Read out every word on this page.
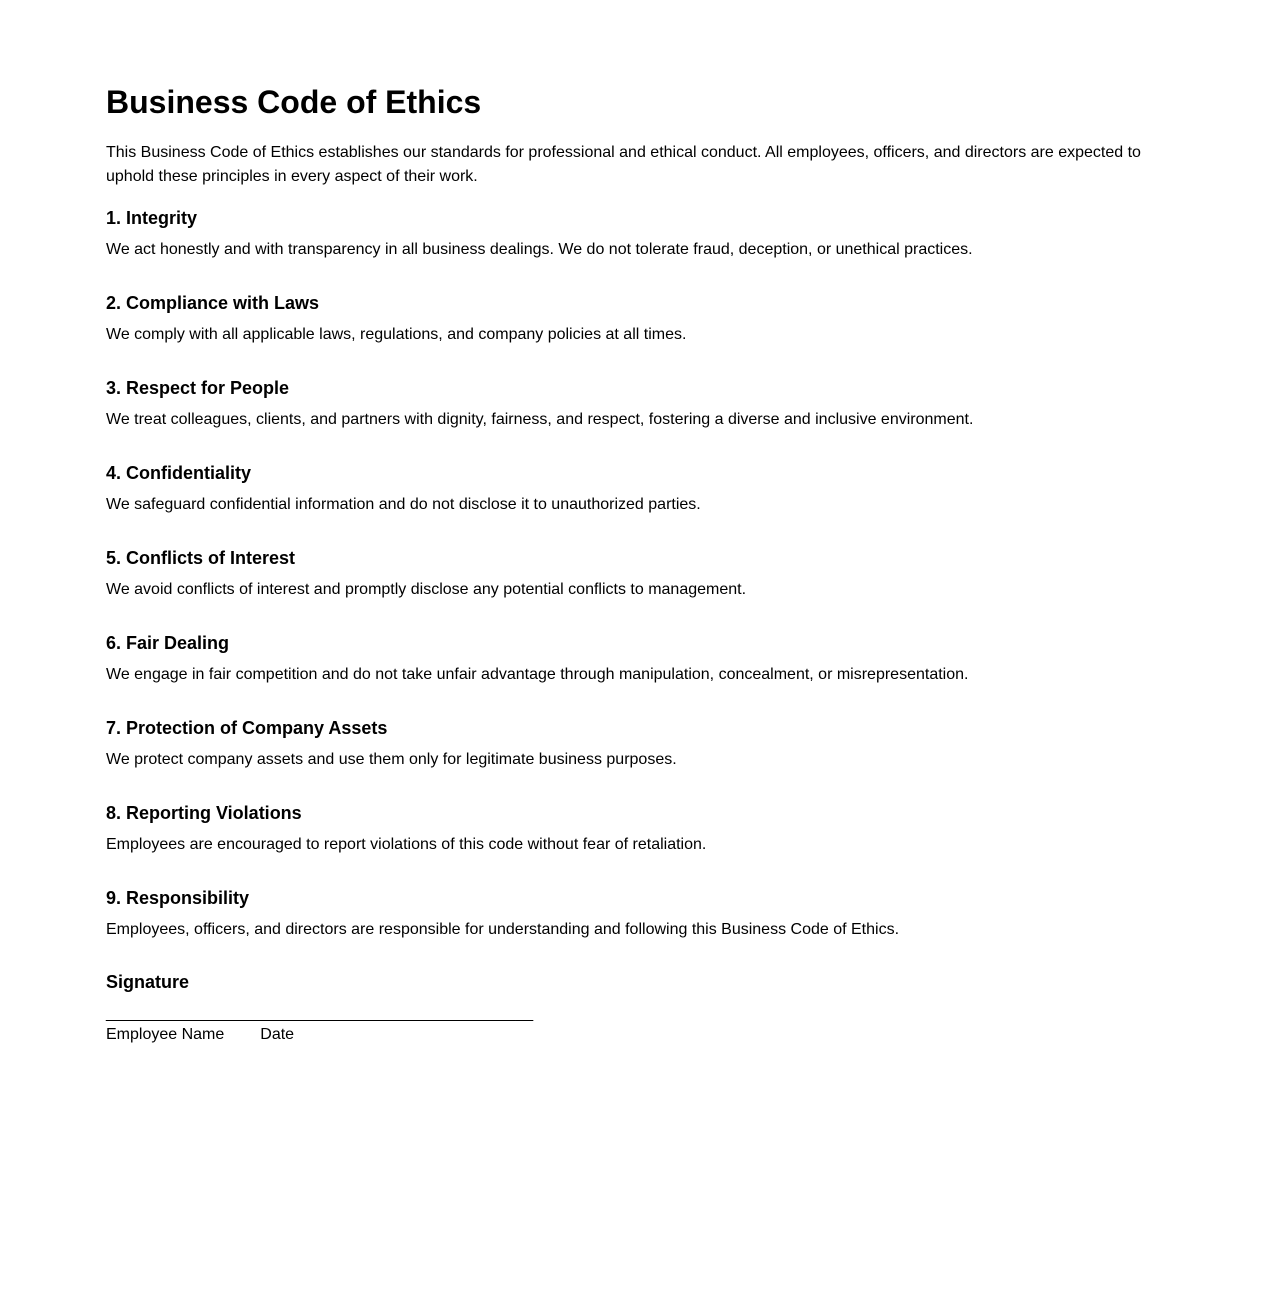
Business Code of Ethics

This Business Code of Ethics establishes our standards for professional and ethical conduct. All employees, officers, and directors are expected to uphold these principles in every aspect of their work.

1. Integrity

We act honestly and with transparency in all business dealings. We do not tolerate fraud, deception, or unethical practices.

2. Compliance with Laws

We comply with all applicable laws, regulations, and company policies at all times.

3. Respect for People

We treat colleagues, clients, and partners with dignity, fairness, and respect, fostering a diverse and inclusive environment.

4. Confidentiality

We safeguard confidential information and do not disclose it to unauthorized parties.

5. Conflicts of Interest

We avoid conflicts of interest and promptly disclose any potential conflicts to management.

6. Fair Dealing

We engage in fair competition and do not take unfair advantage through manipulation, concealment, or misrepresentation.

7. Protection of Company Assets

We protect company assets and use them only for legitimate business purposes.

8. Reporting Violations

Employees are encouraged to report violations of this code without fear of retaliation.

9. Responsibility

Employees, officers, and directors are responsible for understanding and following this Business Code of Ethics.

Signature
________________________________________________
Employee Name Date
